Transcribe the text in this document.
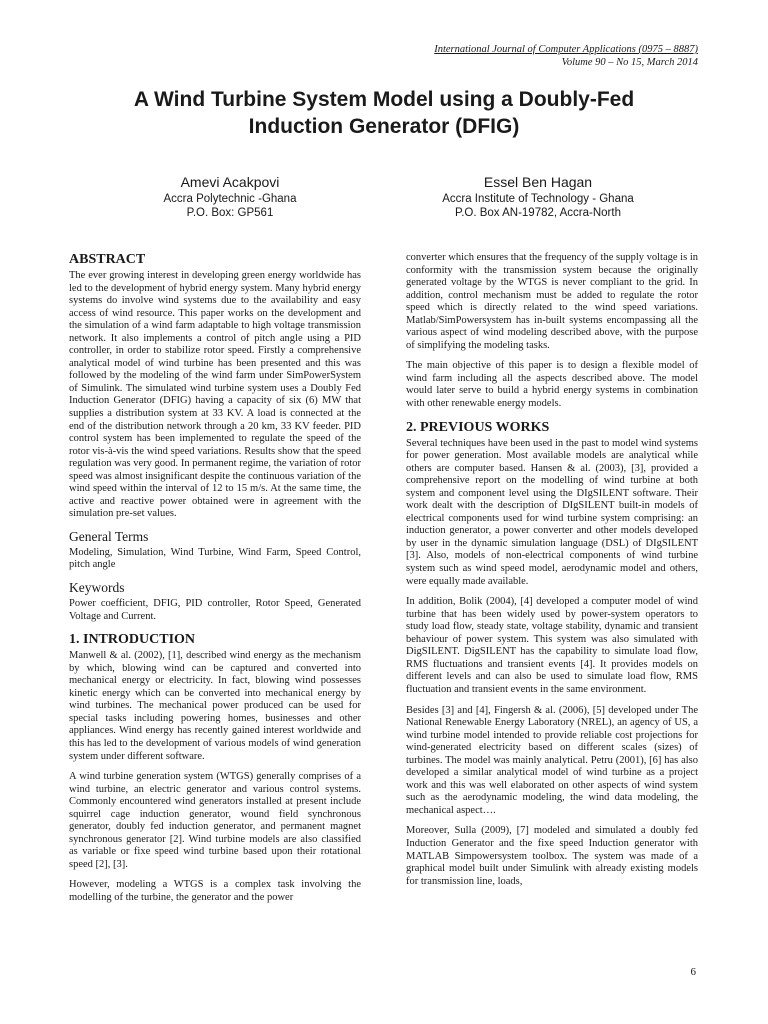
International Journal of Computer Applications (0975 – 8887)
Volume 90 – No 15, March 2014
A Wind Turbine System Model using a Doubly-Fed
Induction Generator (DFIG)
Amevi Acakpovi
Accra Polytechnic -Ghana
P.O. Box: GP561
Essel Ben Hagan
Accra Institute of Technology - Ghana
P.O. Box AN-19782, Accra-North
ABSTRACT

The ever growing interest in developing green energy worldwide has led to the development of hybrid energy system. Many hybrid energy systems do involve wind systems due to the availability and easy access of wind resource. This paper works on the development and the simulation of a wind farm adaptable to high voltage transmission network. It also implements a control of pitch angle using a PID controller, in order to stabilize rotor speed. Firstly a comprehensive analytical model of wind turbine has been presented and this was followed by the modeling of the wind farm under SimPowerSystem of Simulink. The simulated wind turbine system uses a Doubly Fed Induction Generator (DFIG) having a capacity of six (6) MW that supplies a distribution system at 33 KV. A load is connected at the end of the distribution network through a 20 km, 33 KV feeder. PID control system has been implemented to regulate the speed of the rotor vis-à-vis the wind speed variations. Results show that the speed regulation was very good. In permanent regime, the variation of rotor speed was almost insignificant despite the continuous variation of the wind speed within the interval of 12 to 15 m/s. At the same time, the active and reactive power obtained were in agreement with the simulation pre-set values.

General Terms

Modeling, Simulation, Wind Turbine, Wind Farm, Speed Control, pitch angle

Keywords

Power coefficient, DFIG, PID controller, Rotor Speed, Generated Voltage and Current.

1. INTRODUCTION

Manwell & al. (2002), [1], described wind energy as the mechanism by which, blowing wind can be captured and converted into mechanical energy or electricity. In fact, blowing wind possesses kinetic energy which can be converted into mechanical energy by wind turbines. The mechanical power produced can be used for special tasks including powering homes, businesses and other appliances. Wind energy has recently gained interest worldwide and this has led to the development of various models of wind generation system under different software.

A wind turbine generation system (WTGS) generally comprises of a wind turbine, an electric generator and various control systems. Commonly encountered wind generators installed at present include squirrel cage induction generator, wound field synchronous generator, doubly fed induction generator, and permanent magnet synchronous generator [2]. Wind turbine models are also classified as variable or fixe speed wind turbine based upon their rotational speed [2], [3].

However, modeling a WTGS is a complex task involving the modelling of the turbine, the generator and the power

converter which ensures that the frequency of the supply voltage is in conformity with the transmission system because the originally generated voltage by the WTGS is never compliant to the grid. In addition, control mechanism must be added to regulate the rotor speed which is directly related to the wind speed variations. Matlab/SimPowersystem has in-built systems encompassing all the various aspect of wind modeling described above, with the purpose of simplifying the modeling tasks.

The main objective of this paper is to design a flexible model of wind farm including all the aspects described above. The model would later serve to build a hybrid energy systems in combination with other renewable energy models.

2. PREVIOUS WORKS

Several techniques have been used in the past to model wind systems for power generation. Most available models are analytical while others are computer based. Hansen & al. (2003), [3], provided a comprehensive report on the modelling of wind turbine at both system and component level using the DIgSILENT software. Their work dealt with the description of DIgSILENT built-in models of electrical components used for wind turbine system comprising: an induction generator, a power converter and other models developed by user in the dynamic simulation language (DSL) of DIgSILENT [3]. Also, models of non-electrical components of wind turbine system such as wind speed model, aerodynamic model and others, were equally made available.

In addition, Bolik (2004), [4] developed a computer model of wind turbine that has been widely used by power-system operators to study load flow, steady state, voltage stability, dynamic and transient behaviour of power system. This system was also simulated with DigSILENT. DigSILENT has the capability to simulate load flow, RMS fluctuations and transient events [4]. It provides models on different levels and can also be used to simulate load flow, RMS fluctuation and transient events in the same environment.

Besides [3] and [4], Fingersh & al. (2006), [5] developed under The National Renewable Energy Laboratory (NREL), an agency of US, a wind turbine model intended to provide reliable cost projections for wind-generated electricity based on different scales (sizes) of turbines. The model was mainly analytical. Petru (2001), [6] has also developed a similar analytical model of wind turbine as a project work and this was well elaborated on other aspects of wind system such as the aerodynamic modeling, the wind data modeling, the mechanical aspect….

Moreover, Sulla (2009), [7] modeled and simulated a doubly fed Induction Generator and the fixe speed Induction generator with MATLAB Simpowersystem toolbox. The system was made of a graphical model built under Simulink with already existing models for transmission line, loads,

6
